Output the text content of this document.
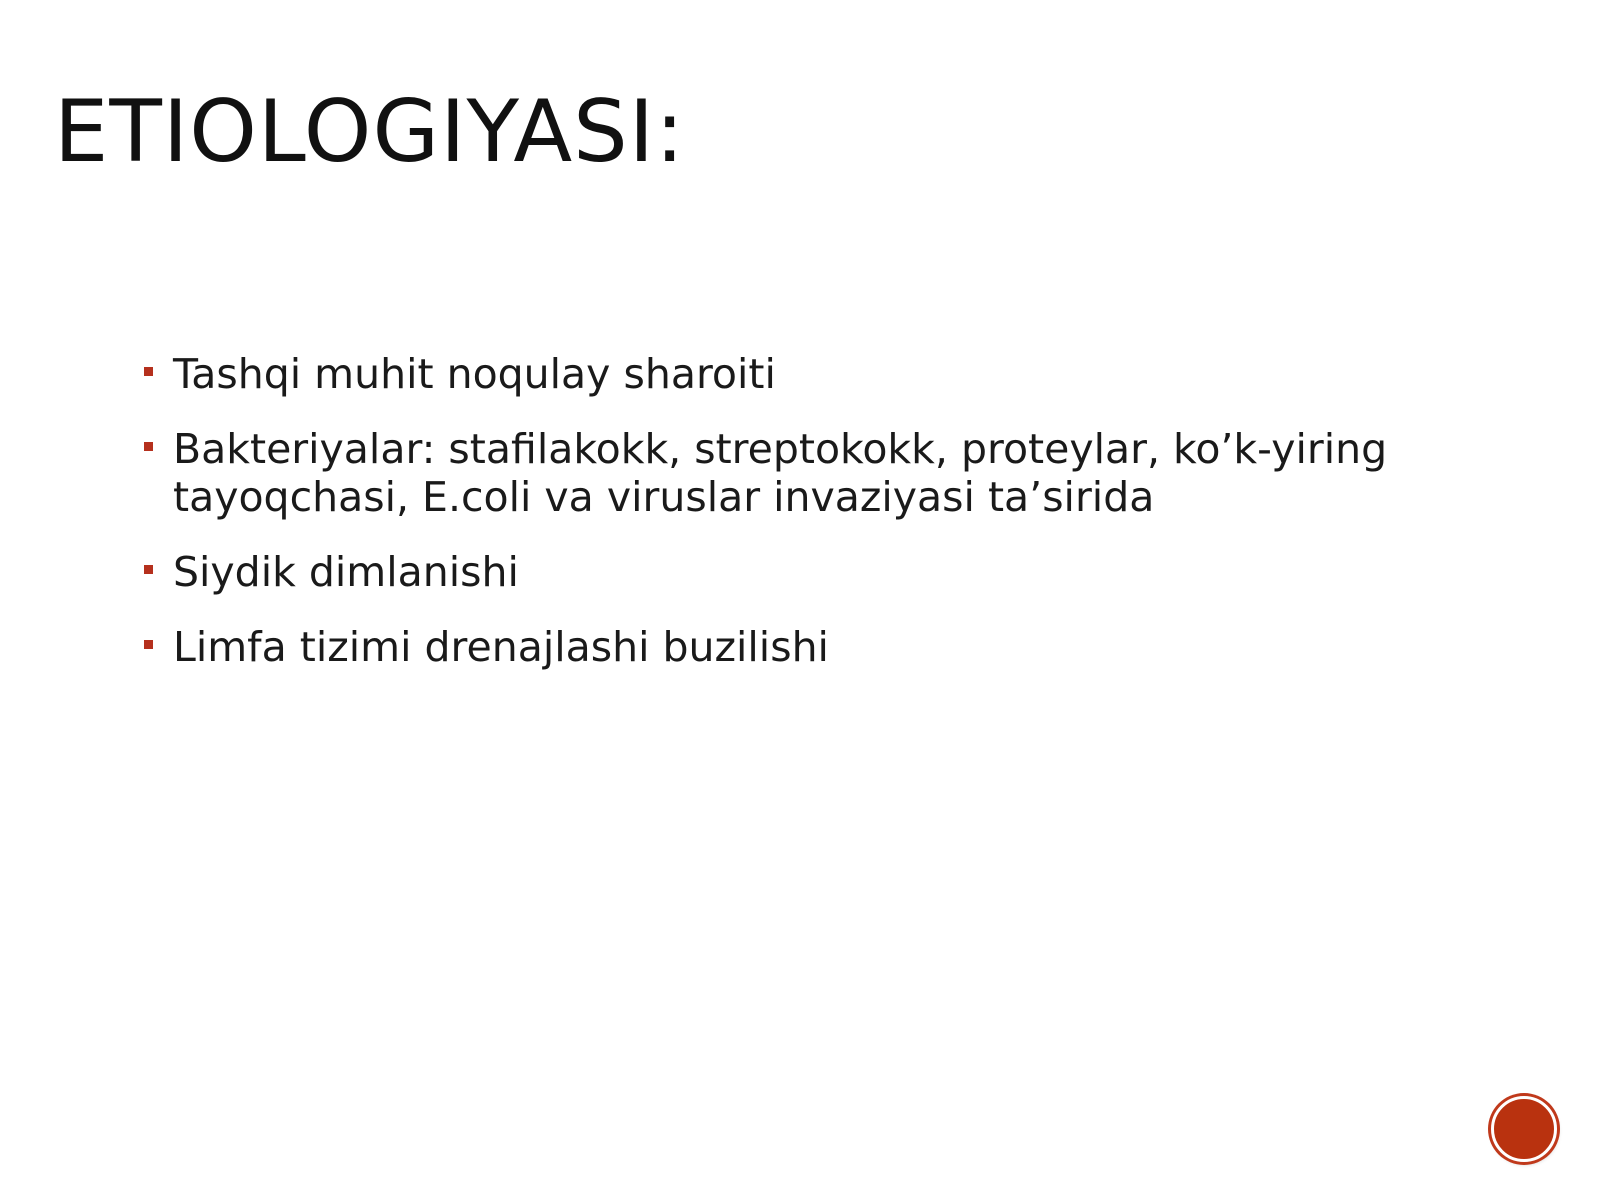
ETIOLOGIYASI:
Tashqi muhit noqulay sharoiti
Bakteriyalar: stafilakokk, streptokokk, proteylar, ko’k-yiring tayoqchasi, E.coli va viruslar invaziyasi ta’sirida
Siydik dimlanishi
Limfa tizimi drenajlashi buzilishi
